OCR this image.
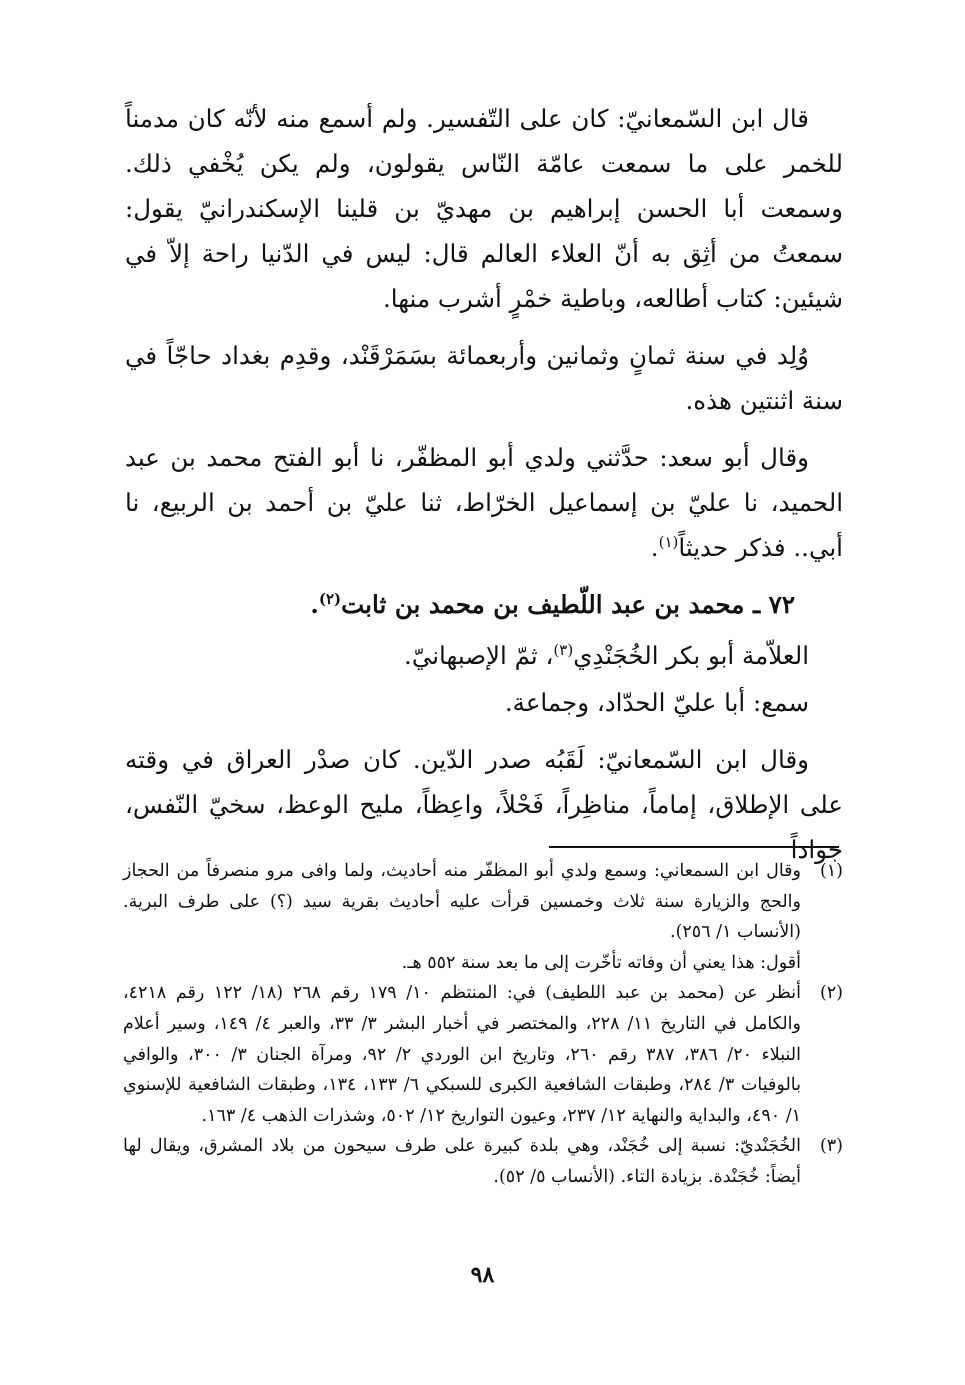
قال ابن السّمعانيّ: كان على التّفسير. ولم أسمع منه لأنّه كان مدمناً للخمر على ما سمعت عامّة النّاس يقولون، ولم يكن يُخْفي ذلك. وسمعت أبا الحسن إبراهيم بن مهديّ بن قلينا الإسكندرانيّ يقول: سمعتُ من أثِق به أنّ العلاء العالم قال: ليس في الدّنيا راحة إلاّ في شيئين: كتاب أطالعه، وباطية خمْرٍ أشرب منها.

وُلِد في سنة ثمانٍ وثمانين وأربعمائة بسَمَرْقَنْد، وقدِم بغداد حاجّاً في سنة اثنتين هذه.

وقال أبو سعد: حدَّثني ولدي أبو المظفّر، نا أبو الفتح محمد بن عبد الحميد، نا عليّ بن إسماعيل الخرّاط، ثنا عليّ بن أحمد بن الربيع، نا أبي.. فذكر حديثاً$^{(١)}$.

٧٢ ـ محمد بن عبد اللّطيف بن محمد بن ثابت$^{(٢)}$.

العلاّمة أبو بكر الخُجَنْدِي$^{(٣)}$، ثمّ الإصبهانيّ.

سمع: أبا عليّ الحدّاد، وجماعة.

وقال ابن السّمعانيّ: لَقَبُه صدر الدّين. كان صدْر العراق في وقته على الإطلاق، إماماً، مناظِراً، فَحْلاً، واعِظاً، مليح الوعظ، سخيّ النّفس، جواداً

(١)
وقال ابن السمعاني: وسمع ولدي أبو المظفّر منه أحاديث، ولما وافى مرو منصرفاً من الحجاز والحج والزيارة سنة ثلاث وخمسين قرأت عليه أحاديث بقرية سيد (؟) على طرف البرية. (الأنساب ١/ ٢٥٦).
أقول: هذا يعني أن وفاته تأخّرت إلى ما بعد سنة ٥٥٢ هـ.
(٢)
أنظر عن (محمد بن عبد اللطيف) في: المنتظم ١٠/ ١٧٩ رقم ٢٦٨ (١٨/ ١٢٢ رقم ٤٢١٨، والكامل في التاريخ ١١/ ٢٢٨، والمختصر في أخبار البشر ٣/ ٣٣، والعبر ٤/ ١٤٩، وسير أعلام النبلاء ٢٠/ ٣٨٦، ٣٨٧ رقم ٢٦٠، وتاريخ ابن الوردي ٢/ ٩٢، ومرآة الجنان ٣/ ٣٠٠، والوافي بالوفيات ٣/ ٢٨٤، وطبقات الشافعية الكبرى للسبكي ٦/ ١٣٣، ١٣٤، وطبقات الشافعية للإسنوي ١/ ٤٩٠، والبداية والنهاية ١٢/ ٢٣٧، وعيون التواريخ ١٢/ ٥٠٢، وشذرات الذهب ٤/ ١٦٣.
(٣)
الخُجَنْديّ: نسبة إلى خُجَنْد، وهي بلدة كبيرة على طرف سيحون من بلاد المشرق، ويقال لها أيضاً: خُجَنْدة. بزيادة التاء. (الأنساب ٥/ ٥٢).
٩٨
